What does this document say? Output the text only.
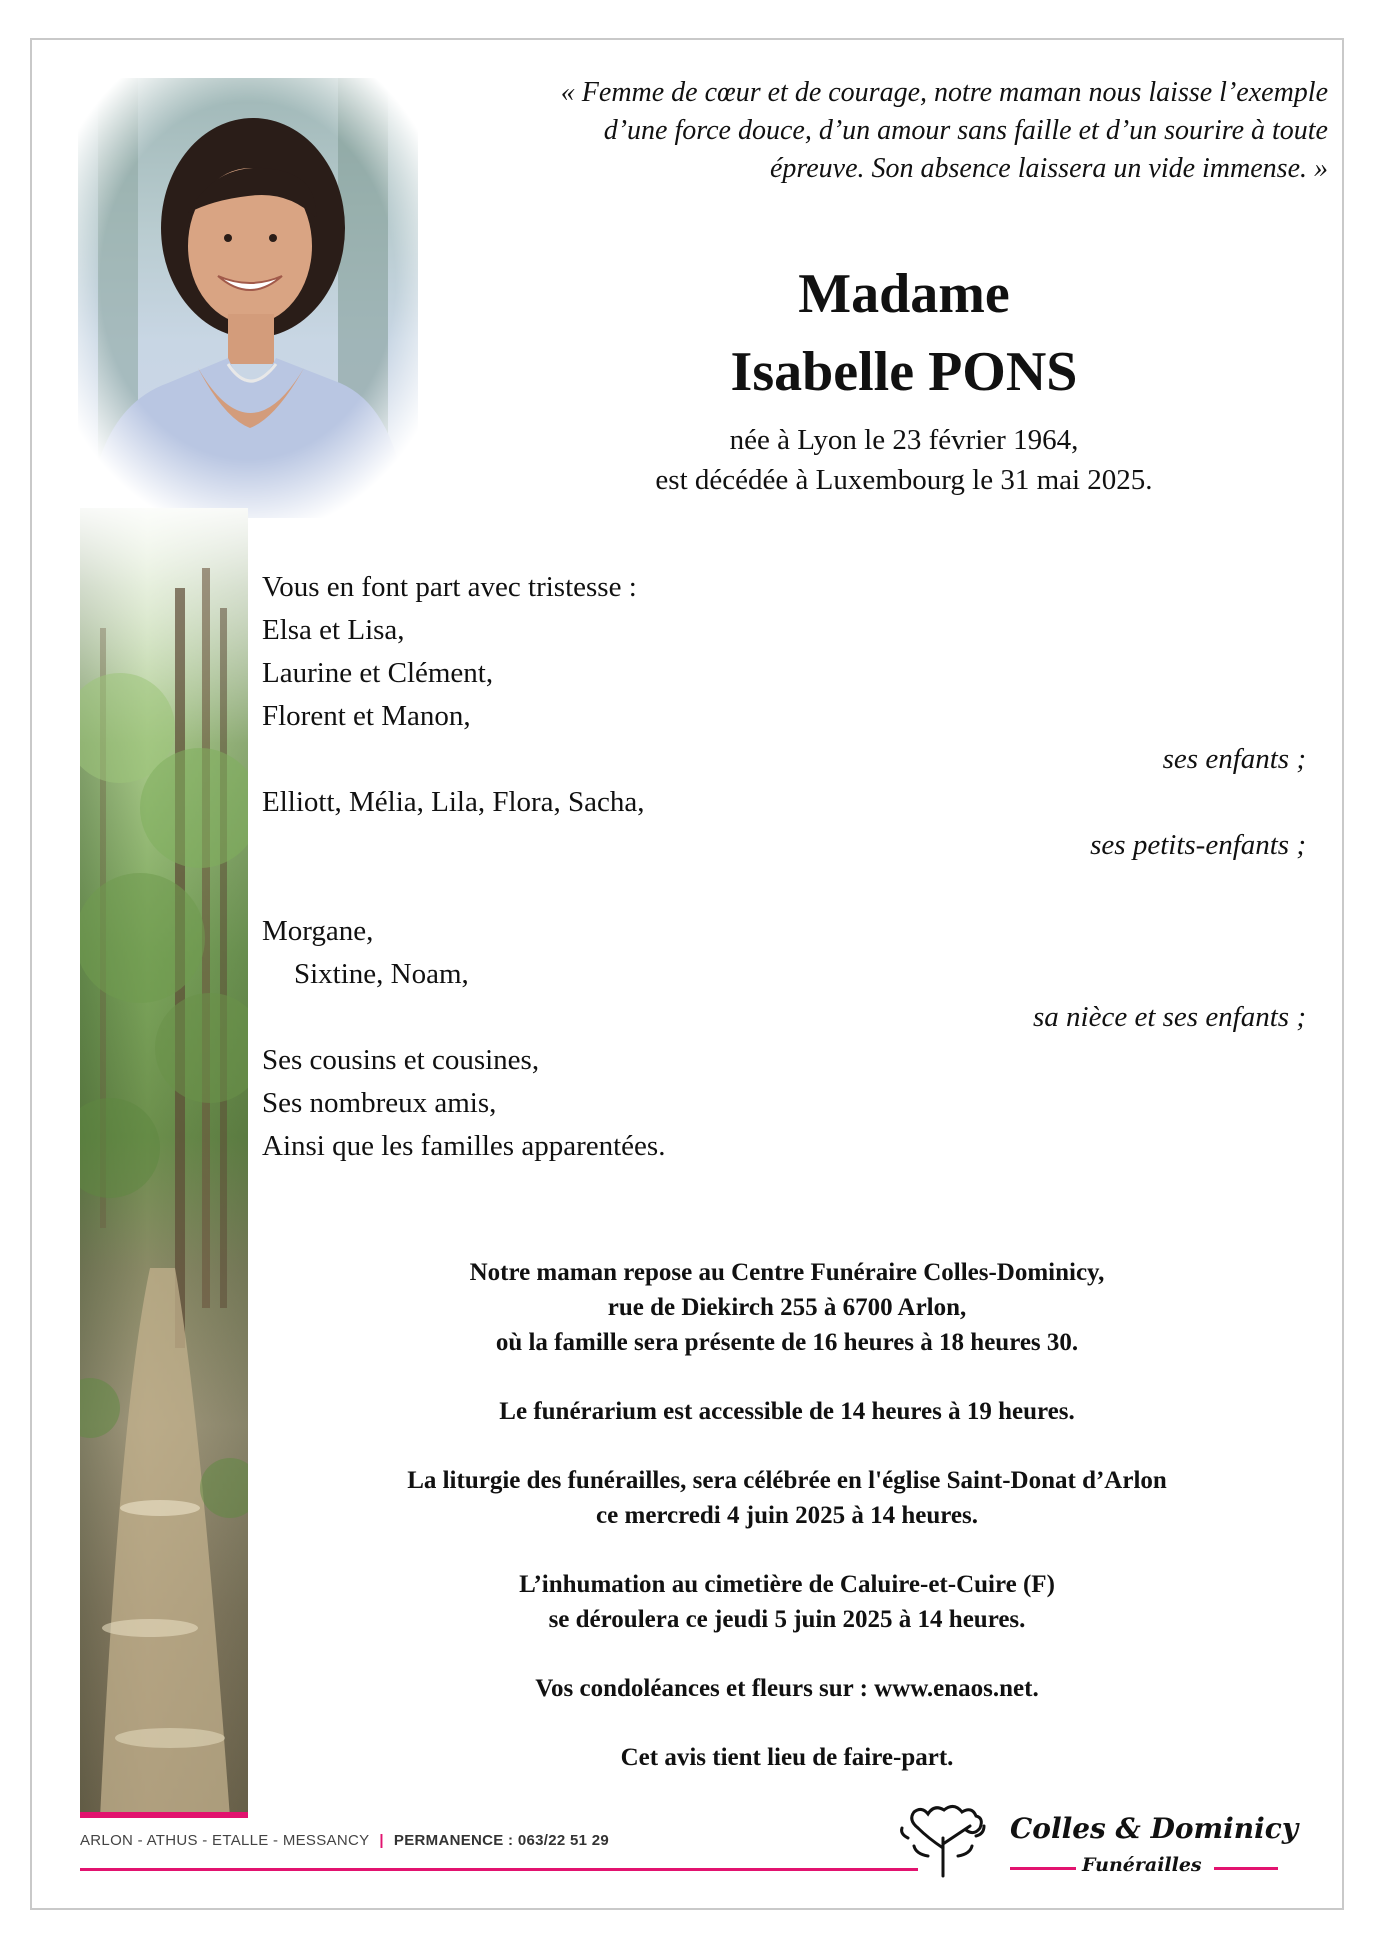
« Femme de cœur et de courage, notre maman nous laisse l’exemple
d’une force douce, d’un amour sans faille et d’un sourire à toute
épreuve. Son absence laissera un vide immense. »
Madame
Isabelle PONS
née à Lyon le 23 février 1964,
est décédée à Luxembourg le 31 mai 2025.
Vous en font part avec tristesse :
Elsa et Lisa,
Laurine et Clément,
Florent et Manon,
ses enfants ;
Elliott, Mélia, Lila, Flora, Sacha,
ses petits-enfants ;
Morgane,
Sixtine, Noam,
sa nièce et ses enfants ;
Ses cousins et cousines,
Ses nombreux amis,
Ainsi que les familles apparentées.
Notre maman repose au Centre Funéraire Colles-Dominicy,
rue de Diekirch 255 à 6700 Arlon,
où la famille sera présente de 16 heures à 18 heures 30.
Le funérarium est accessible de 14 heures à 19 heures.
La liturgie des funérailles, sera célébrée en l'église Saint-Donat d’Arlon
ce mercredi 4 juin 2025 à 14 heures.
L’inhumation au cimetière de Caluire-et-Cuire (F)
se déroulera ce jeudi 5 juin 2025 à 14 heures.
Vos condoléances et fleurs sur : www.enaos.net.
Cet avis tient lieu de faire-part.
ARLON - ATHUS - ETALLE - MESSANCY | PERMANENCE : 063/22 51 29	Colles & Dominicy
Funérailles
